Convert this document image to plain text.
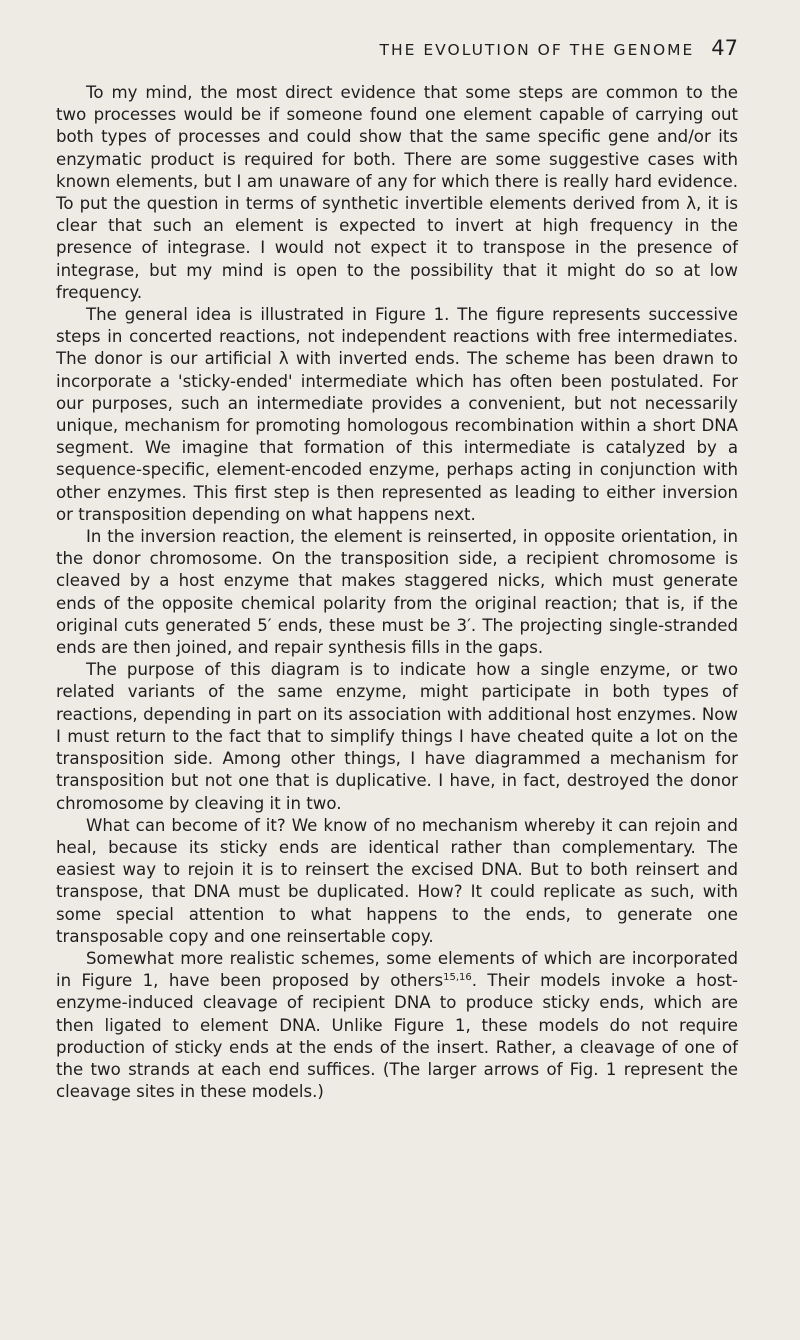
THE EVOLUTION OF THE GENOME 47

To my mind, the most direct evidence that some steps are common to the two processes would be if someone found one element capable of carrying out both types of processes and could show that the same specific gene and/or its enzymatic product is required for both. There are some suggestive cases with known elements, but I am unaware of any for which there is really hard evidence. To put the question in terms of synthetic invertible elements derived from λ, it is clear that such an element is expected to invert at high frequency in the presence of integrase. I would not expect it to transpose in the presence of integrase, but my mind is open to the possibility that it might do so at low frequency.

The general idea is illustrated in Figure 1. The figure represents successive steps in concerted reactions, not independent reactions with free intermediates. The donor is our artificial λ with inverted ends. The scheme has been drawn to incorporate a 'sticky-ended' intermediate which has often been postulated. For our purposes, such an intermediate provides a convenient, but not necessarily unique, mechanism for promoting homologous recombination within a short DNA segment. We imagine that formation of this intermediate is catalyzed by a sequence-specific, element-encoded enzyme, perhaps acting in conjunction with other enzymes. This first step is then represented as leading to either inversion or transposition depending on what happens next.

In the inversion reaction, the element is reinserted, in opposite orientation, in the donor chromosome. On the transposition side, a recipient chromosome is cleaved by a host enzyme that makes staggered nicks, which must generate ends of the opposite chemical polarity from the original reaction; that is, if the original cuts generated 5′ ends, these must be 3′. The projecting single-stranded ends are then joined, and repair synthesis fills in the gaps.

The purpose of this diagram is to indicate how a single enzyme, or two related variants of the same enzyme, might participate in both types of reactions, depending in part on its association with additional host enzymes. Now I must return to the fact that to simplify things I have cheated quite a lot on the transposition side. Among other things, I have diagrammed a mechanism for transposition but not one that is duplicative. I have, in fact, destroyed the donor chromosome by cleaving it in two.

What can become of it? We know of no mechanism whereby it can rejoin and heal, because its sticky ends are identical rather than complementary. The easiest way to rejoin it is to reinsert the excised DNA. But to both reinsert and transpose, that DNA must be duplicated. How? It could replicate as such, with some special attention to what happens to the ends, to generate one transposable copy and one reinsertable copy.

Somewhat more realistic schemes, some elements of which are incorporated in Figure 1, have been proposed by others$^{15,16}$. Their models invoke a host-enzyme-induced cleavage of recipient DNA to produce sticky ends, which are then ligated to element DNA. Unlike Figure 1, these models do not require production of sticky ends at the ends of the insert. Rather, a cleavage of one of the two strands at each end suffices. (The larger arrows of Fig. 1 represent the cleavage sites in these models.)
